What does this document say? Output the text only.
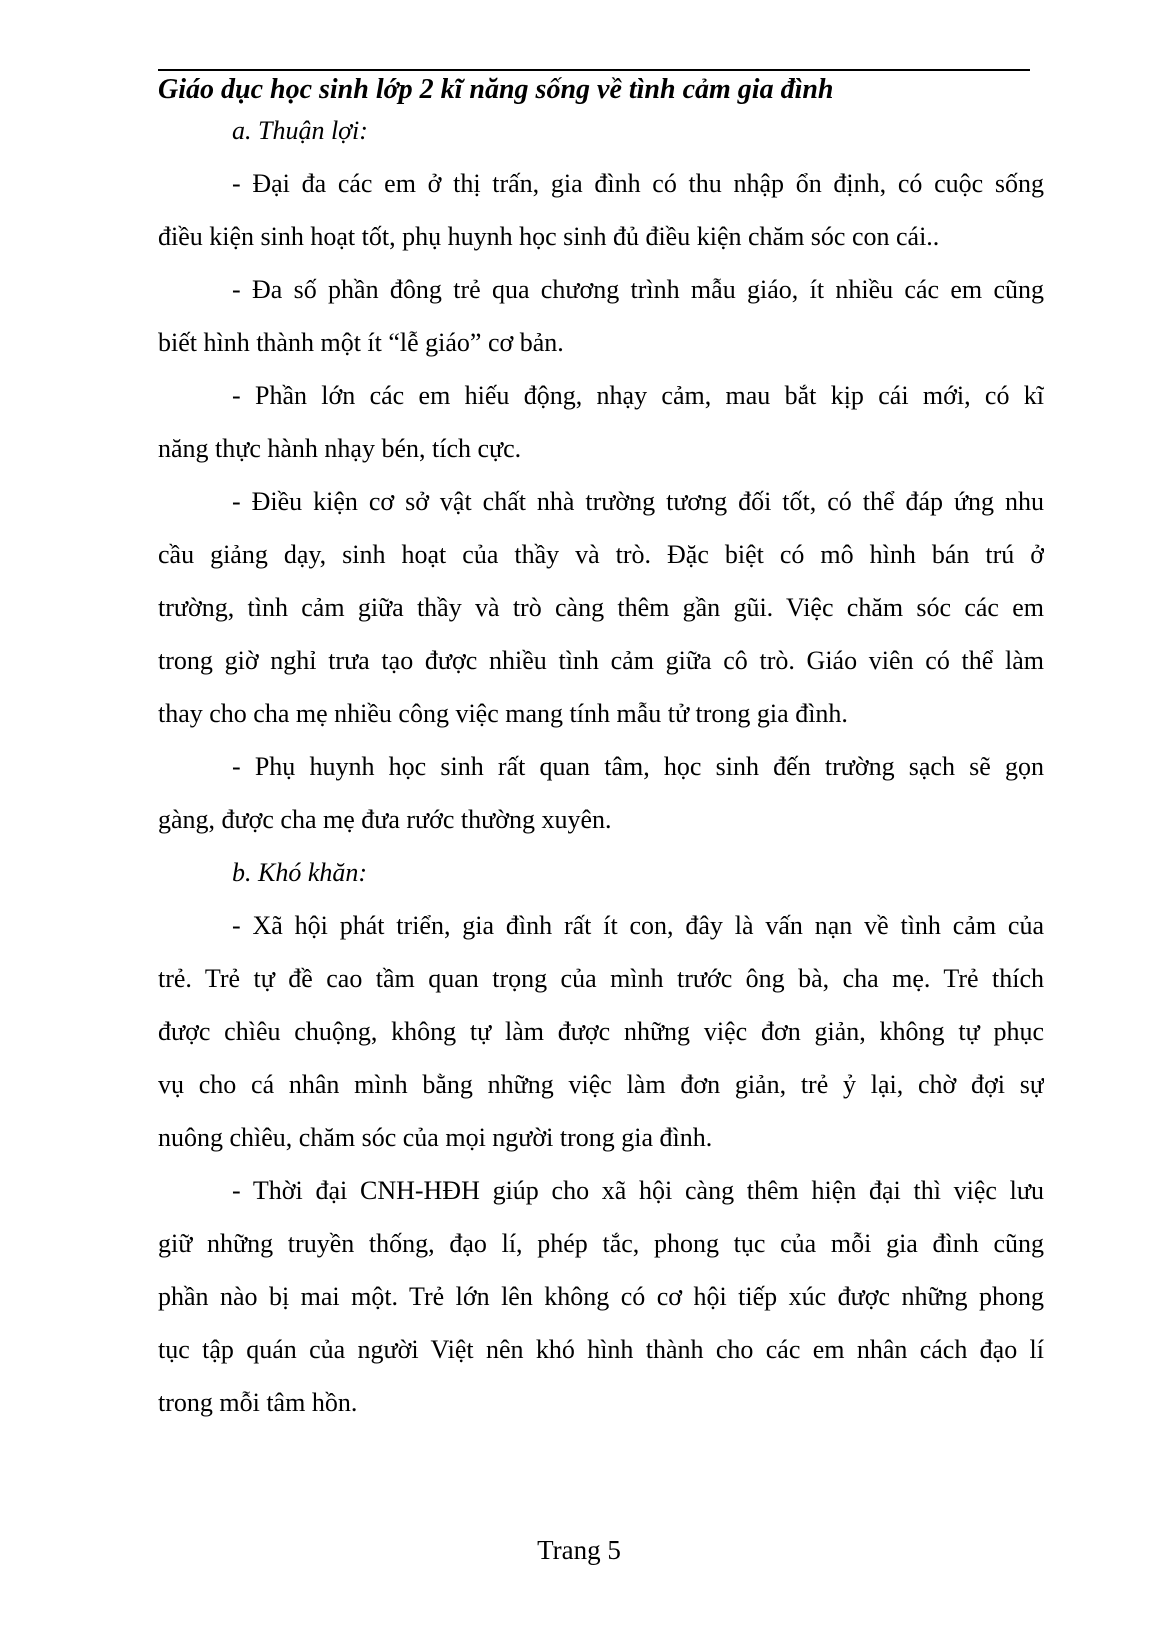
Giáo dục học sinh lớp 2 kĩ năng sống về tình cảm gia đình
a. Thuận lợi:
- Đại đa các em ở thị trấn, gia đình có thu nhập ổn định, có cuộc sống
điều kiện sinh hoạt tốt, phụ huynh học sinh đủ điều kiện chăm sóc con cái..
- Đa số phần đông trẻ qua chương trình mẫu giáo, ít nhiều các em cũng
biết hình thành một ít “lễ giáo” cơ bản.
- Phần lớn các em hiếu động, nhạy cảm, mau bắt kịp cái mới, có kĩ
năng thực hành nhạy bén, tích cực.
- Điều kiện cơ sở vật chất nhà trường tương đối tốt, có thể đáp ứng nhu
cầu giảng dạy, sinh hoạt của thầy và trò. Đặc biệt có mô hình bán trú ở
trường, tình cảm giữa thầy và trò càng thêm gần gũi. Việc chăm sóc các em
trong giờ nghỉ trưa tạo được nhiều tình cảm giữa cô trò. Giáo viên có thể làm
thay cho cha mẹ nhiều công việc mang tính mẫu tử trong gia đình.
- Phụ huynh học sinh rất quan tâm, học sinh đến trường sạch sẽ gọn
gàng, được cha mẹ đưa rước thường xuyên.
b. Khó khăn:
- Xã hội phát triển, gia đình rất ít con, đây là vấn nạn về tình cảm của
trẻ. Trẻ tự đề cao tầm quan trọng của mình trước ông bà, cha mẹ. Trẻ thích
được chìêu chuộng, không tự làm được những việc đơn giản, không tự phục
vụ cho cá nhân mình bằng những việc làm đơn giản, trẻ ỷ lại, chờ đợi sự
nuông chìêu, chăm sóc của mọi người trong gia đình.
- Thời đại CNH-HĐH giúp cho xã hội càng thêm hiện đại thì việc lưu
giữ những truyền thống, đạo lí, phép tắc, phong tục của mỗi gia đình cũng
phần nào bị mai một. Trẻ lớn lên không có cơ hội tiếp xúc được những phong
tục tập quán của người Việt nên khó hình thành cho các em nhân cách đạo lí
trong mỗi tâm hồn.
Trang 5
